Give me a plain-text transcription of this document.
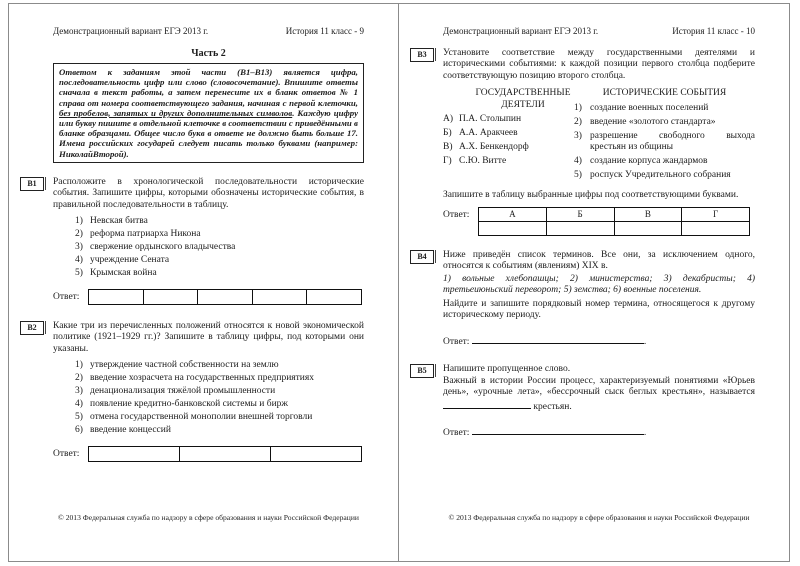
Демонстрационный вариант ЕГЭ 2013 г.	История 11 класс - 9
Часть 2
Ответом к заданиям этой части (В1–В13) является цифра, последовательность цифр или слово (словосочетание). Впишите ответы сначала в текст работы, а затем перенесите их в бланк ответов № 1 справа от номера соответствующего задания, начиная с первой клеточки, без пробелов, запятых и других дополнительных символов. Каждую цифру или букву пишите в отдельной клеточке в соответствии с приведёнными в бланке образцами. Общее число букв в ответе не должно быть больше 17. Имена российских государей следует писать только буквами (например: НиколайВторой).
В1	Расположите в хронологической последовательности исторические события. Запишите цифры, которыми обозначены исторические события, в правильной последовательности в таблицу.
1) Невская битва
2) реформа патриарха Никона
3) свержение ордынского владычества
4) учреждение Сената
5) Крымская война
Ответ:
В2	Какие три из перечисленных положений относятся к новой экономической политике (1921–1929 гг.)? Запишите в таблицу цифры, под которыми они указаны.
1) утверждение частной собственности на землю
2) введение хозрасчета на государственных предприятиях
3) денационализация тяжёлой промышленности
4) появление кредитно-банковской системы и бирж
5) отмена государственной монополии внешней торговли
6) введение концессий
Ответ:
© 2013 Федеральная служба по надзору в сфере образования и науки Российской Федерации
Демонстрационный вариант ЕГЭ 2013 г.	История 11 класс - 10
В3	Установите соответствие между государственными деятелями и историческими событиями: к каждой позиции первого столбца подберите соответствующую позицию второго столбца.
ГОСУДАРСТВЕННЫЕ ДЕЯТЕЛИ
А) П.А. Столыпин
Б) А.А. Аракчеев
В) А.Х. Бенкендорф
Г) С.Ю. Витте
ИСТОРИЧЕСКИЕ СОБЫТИЯ
1) создание военных поселений
2) введение «золотого стандарта»
3) разрешение свободного выхода крестьян из общины
4) создание корпуса жандармов
5) роспуск Учредительного собрания
Запишите в таблицу выбранные цифры под соответствующими буквами.
Ответ:	А	Б	В	Г
В4	Ниже приведён список терминов. Все они, за исключением одного, относятся к событиям (явлениям) XIX в.
1) вольные хлебопашцы; 2) министерства; 3) декабристы; 4) третьеиюньский переворот; 5) земства; 6) военные поселения.
Найдите и запишите порядковый номер термина, относящегося к другому историческому периоду.
Ответ:	.
В5	Напишите пропущенное слово.
Важный в истории России процесс, характеризуемый понятиями «Юрьев день», «урочные лета», «бессрочный сыск беглых крестьян», называется  крестьян.
Ответ:	.
© 2013 Федеральная служба по надзору в сфере образования и науки Российской Федерации
